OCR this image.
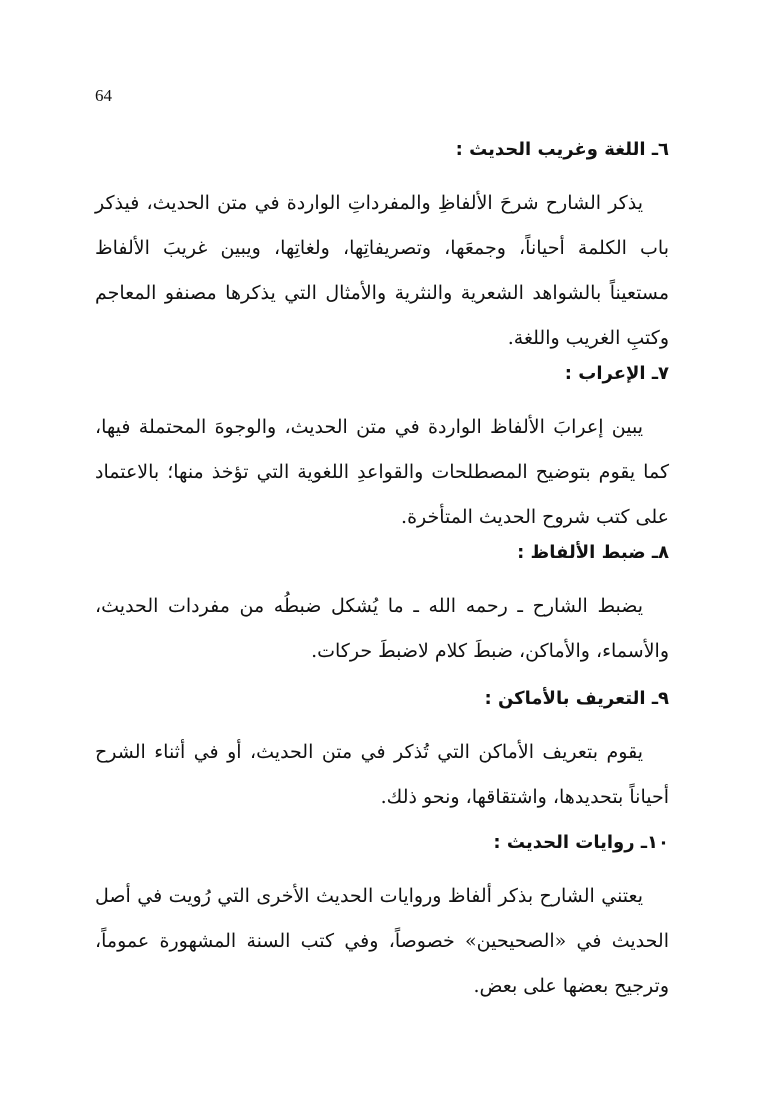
64
٦ـ اللغة وغريب الحديث :

يذكر الشارح شرحَ الألفاظِ والمفرداتِ الواردة في متن الحديث، فيذكر باب الكلمة أحياناً، وجمعَها، وتصريفاتِها، ولغاتِها، ويبين غريبَ الألفاظ مستعيناً بالشواهد الشعرية والنثرية والأمثال التي يذكرها مصنفو المعاجم وكتبِ الغريب واللغة.

٧ـ الإعراب :

يبين إعرابَ الألفاظ الواردة في متن الحديث، والوجوهَ المحتملة فيها، كما يقوم بتوضيح المصطلحات والقواعدِ اللغوية التي تؤخذ منها؛ بالاعتماد على كتب شروح الحديث المتأخرة.

٨ـ ضبط الألفاظ :

يضبط الشارح ـ رحمه الله ـ ما يُشكل ضبطُه من مفردات الحديث، والأسماء، والأماكن، ضبطَ كلام لاضبطَ حركات.

٩ـ التعريف بالأماكن :

يقوم بتعريف الأماكن التي تُذكر في متن الحديث، أو في أثناء الشرح أحياناً بتحديدها، واشتقاقها، ونحو ذلك.

١٠ـ روايات الحديث :

يعتني الشارح بذكر ألفاظ وروايات الحديث الأخرى التي رُويت في أصل الحديث في «الصحيحين» خصوصاً، وفي كتب السنة المشهورة عموماً، وترجيح بعضها على بعض.
